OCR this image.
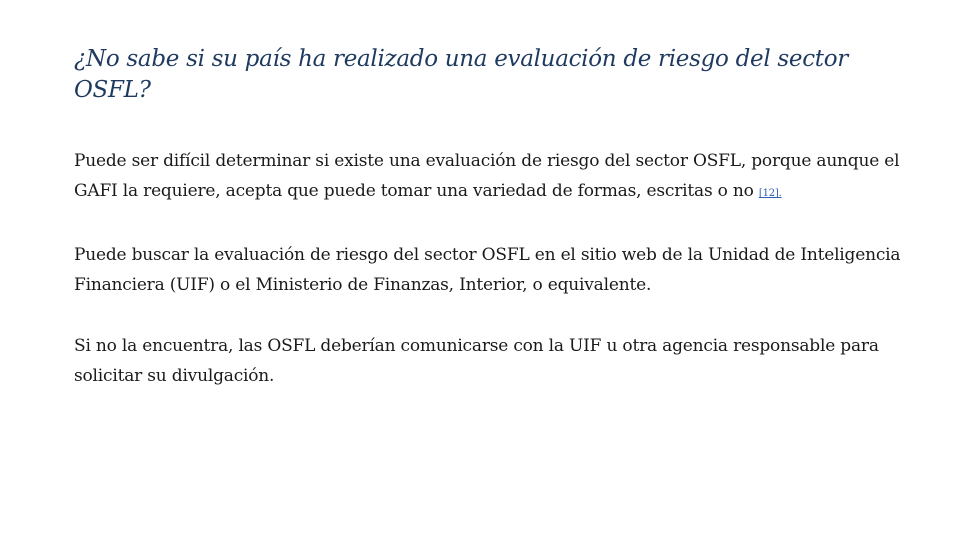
¿No sabe si su país ha realizado una evaluación de riesgo del sector OSFL?

Puede ser difícil determinar si existe una evaluación de riesgo del sector OSFL, porque aunque el GAFI la requiere, acepta que puede tomar una variedad de formas, escritas o no [12].

Puede buscar la evaluación de riesgo del sector OSFL en el sitio web de la Unidad de Inteligencia Financiera (UIF) o el Ministerio de Finanzas, Interior, o equivalente.

Si no la encuentra, las OSFL deberían comunicarse con la UIF u otra agencia responsable para solicitar su divulgación.
